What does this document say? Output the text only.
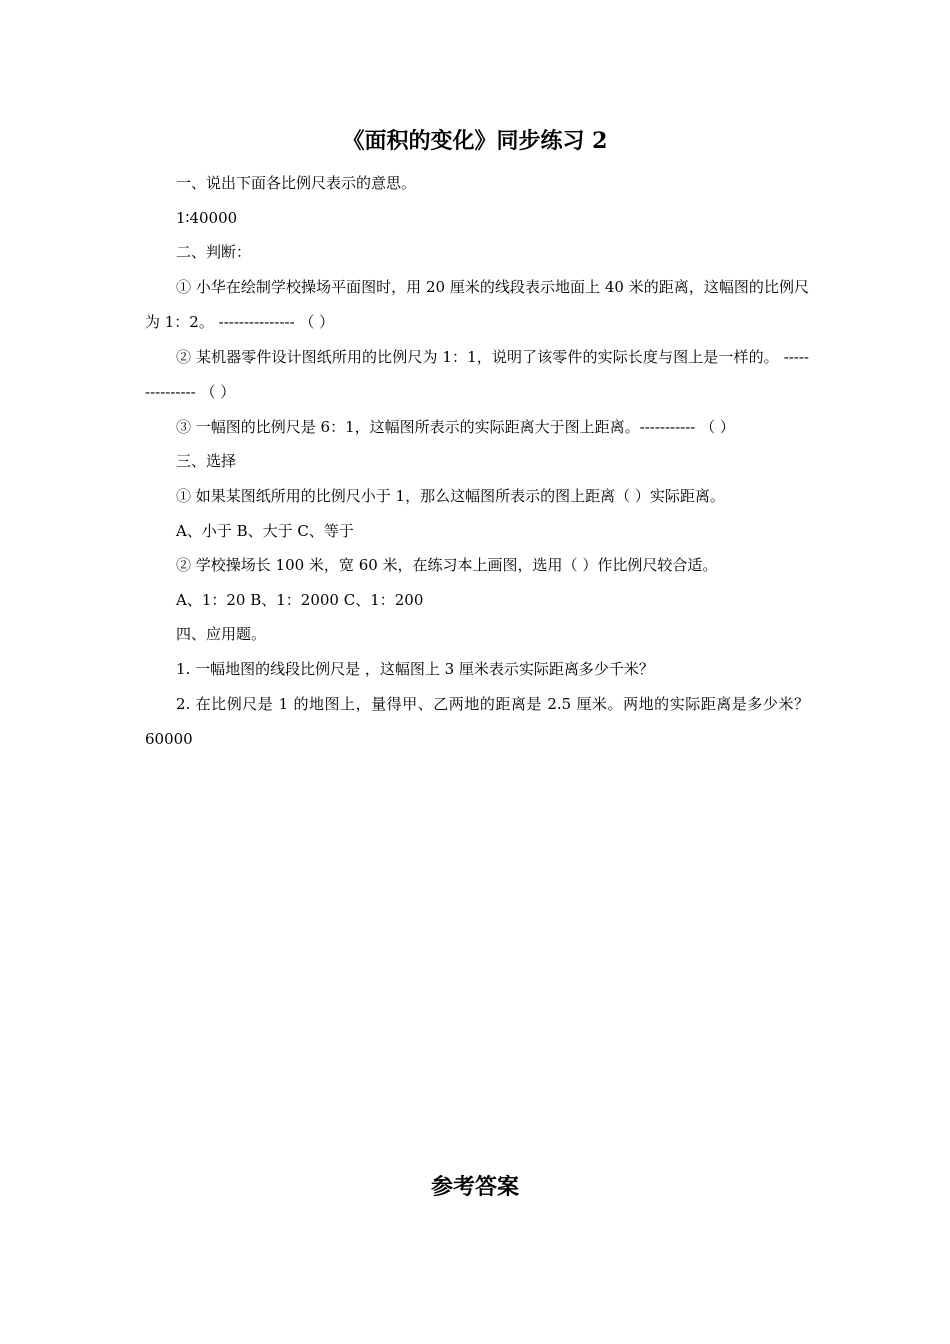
《面积的变化》同步练习 2
一、说出下面各比例尺表示的意思。
1∶40000
二、判断：
① 小华在绘制学校操场平面图时，用 20 厘米的线段表示地面上 40 米的距离，这幅图的比例尺为 1：2。 --------------- （ ）
② 某机器零件设计图纸所用的比例尺为 1：1，说明了该零件的实际长度与图上是一样的。 --------------- （ ）
③ 一幅图的比例尺是 6：1，这幅图所表示的实际距离大于图上距离。----------- （ ）
三、选择
① 如果某图纸所用的比例尺小于 1，那么这幅图所表示的图上距离（ ）实际距离。
A、小于 B、大于 C、等于
② 学校操场长 100 米，宽 60 米，在练习本上画图，选用（ ）作比例尺较合适。
A、1：20 B、1：2000 C、1：200
四、应用题。
1. 一幅地图的线段比例尺是 ，这幅图上 3 厘米表示实际距离多少千米？
2. 在比例尺是 1 的地图上，量得甲、乙两地的距离是 2.5 厘米。两地的实际距离是多少米？ 60000
参考答案
